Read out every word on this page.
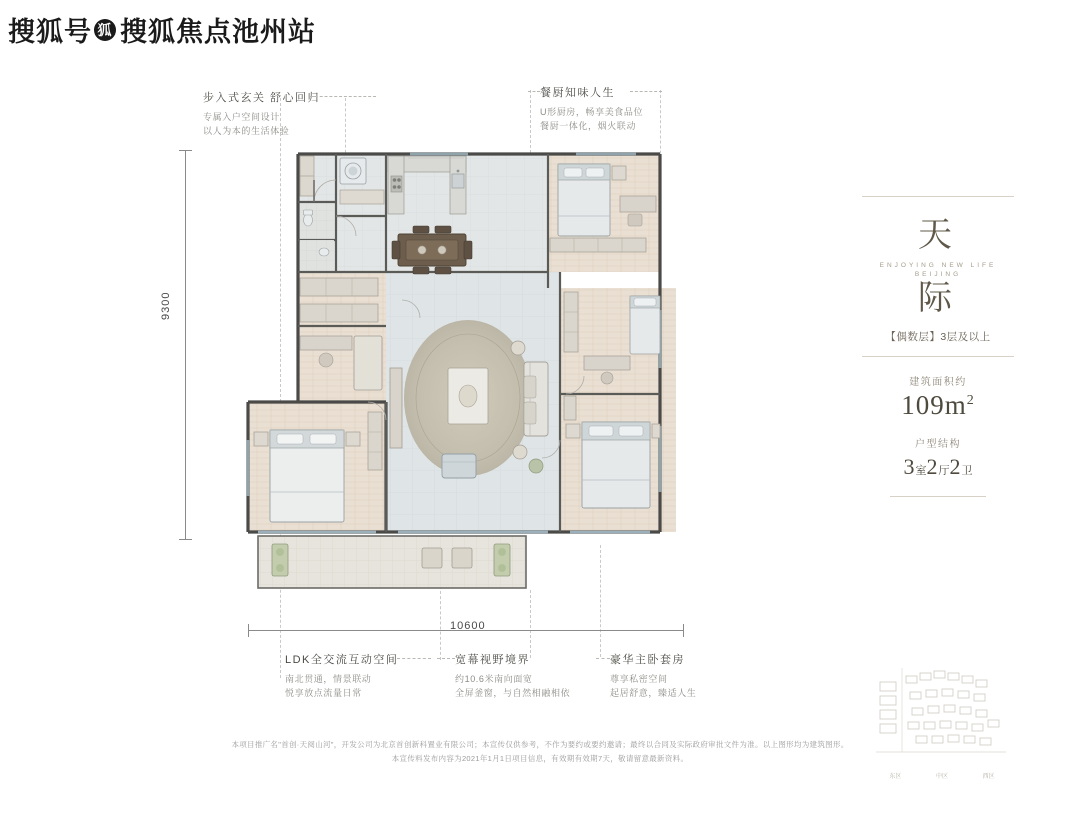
搜狐号 狐 搜狐焦点池州站
9300
10600
步入式玄关 舒心回归
专属入户空间设计
以人为本的生活体验
餐厨知味人生
U形厨房，畅享美食品位
餐厨一体化，烟火联动
LDK全交流互动空间
南北贯通，情景联动
悦享放点流量日常
宽幕视野境界
约10.6米南向面宽
全屏釜窗，与自然相融相依
豪华主卧套房
尊享私密空间
起居舒意，臻适人生
天
ENJOYING NEW LIFE
BEIJING
际
【偶数层】3层及以上
建筑面积约
$109m^2$
户型结构
3室2厅2卫
东区	中区	西区
本项目推广名"首创·天阅山河"，开发公司为北京首创新科置业有限公司；本宣传仅供参考，不作为要约或要约邀请；最终以合同及实际政府审批文件为准。以上图形均为建筑图形。
本宣传料发布内容为2021年1月1日项目信息，有效期有效期7天，敬请留意最新资料。
